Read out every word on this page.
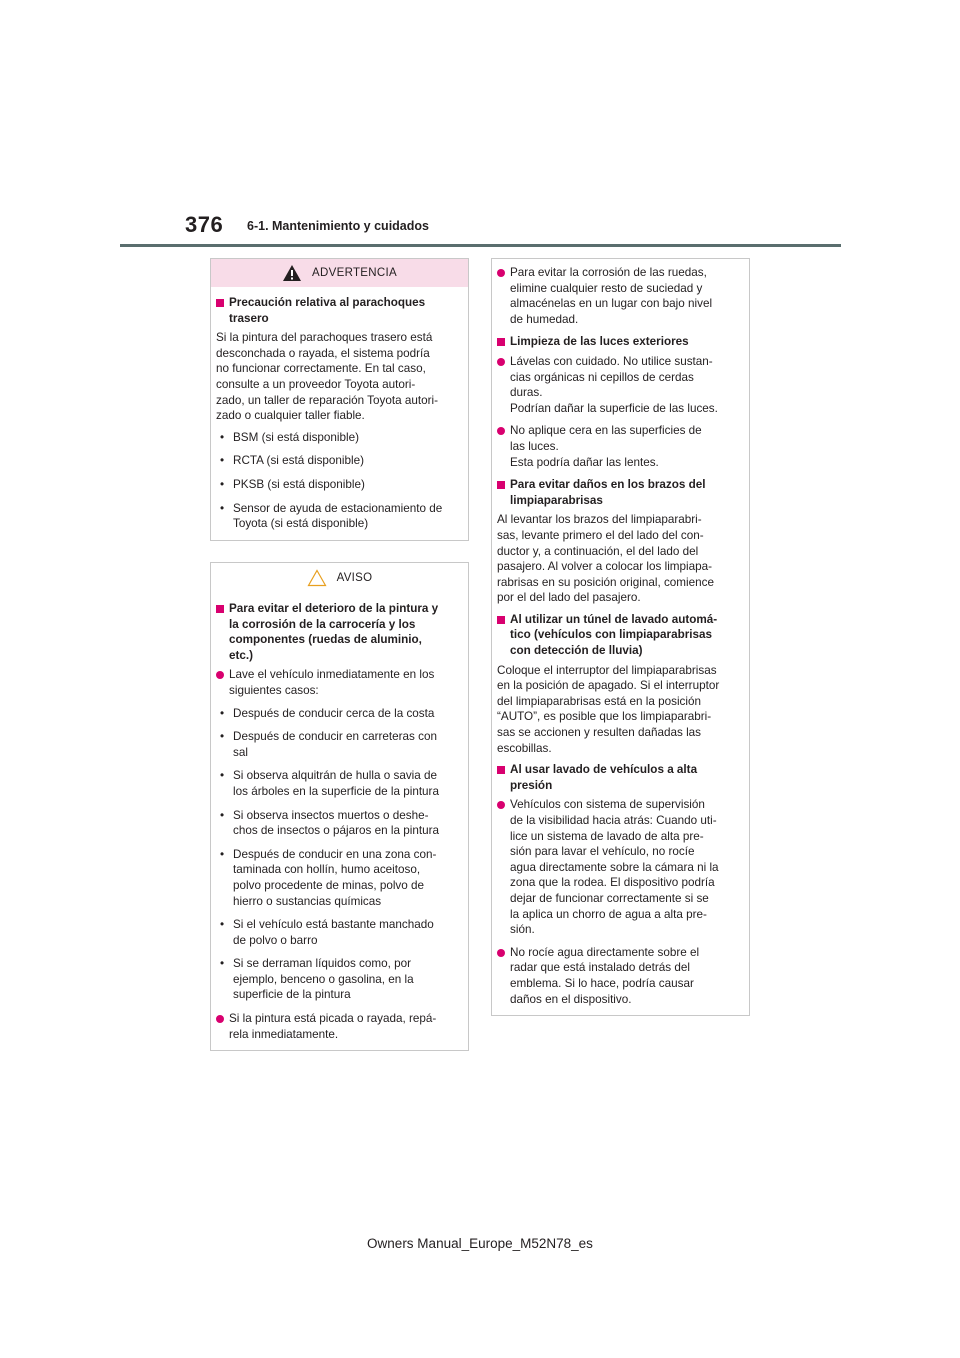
376 6-1. Mantenimiento y cuidados
ADVERTENCIA
Precaución relativa al parachoques
trasero
Si la pintura del parachoques trasero está
desconchada o rayada, el sistema podría
no funcionar correctamente. En tal caso,
consulte a un proveedor Toyota autori-
zado, un taller de reparación Toyota autori-
zado o cualquier taller fiable.
• BSM (si está disponible)
• RCTA (si está disponible)
• PKSB (si está disponible)
• Sensor de ayuda de estacionamiento de
Toyota (si está disponible)
AVISO
Para evitar el deterioro de la pintura y
la corrosión de la carrocería y los
componentes (ruedas de aluminio,
etc.)
Lave el vehículo inmediatamente en los
siguientes casos:
• Después de conducir cerca de la costa
• Después de conducir en carreteras con
sal
• Si observa alquitrán de hulla o savia de
los árboles en la superficie de la pintura
• Si observa insectos muertos o deshe-
chos de insectos o pájaros en la pintura
• Después de conducir en una zona con-
taminada con hollín, humo aceitoso,
polvo procedente de minas, polvo de
hierro o sustancias químicas
• Si el vehículo está bastante manchado
de polvo o barro
• Si se derraman líquidos como, por
ejemplo, benceno o gasolina, en la
superficie de la pintura
Si la pintura está picada o rayada, repá-
rela inmediatamente.
Para evitar la corrosión de las ruedas,
elimine cualquier resto de suciedad y
almacénelas en un lugar con bajo nivel
de humedad.
Limpieza de las luces exteriores
Lávelas con cuidado. No utilice sustan-
cias orgánicas ni cepillos de cerdas
duras.
Podrían dañar la superficie de las luces.
No aplique cera en las superficies de
las luces.
Esta podría dañar las lentes.
Para evitar daños en los brazos del
limpiaparabrisas
Al levantar los brazos del limpiaparabri-
sas, levante primero el del lado del con-
ductor y, a continuación, el del lado del
pasajero. Al volver a colocar los limpiapa-
rabrisas en su posición original, comience
por el del lado del pasajero.
Al utilizar un túnel de lavado automá-
tico (vehículos con limpiaparabrisas
con detección de lluvia)
Coloque el interruptor del limpiaparabrisas
en la posición de apagado. Si el interruptor
del limpiaparabrisas está en la posición
“AUTO”, es posible que los limpiaparabri-
sas se accionen y resulten dañadas las
escobillas.
Al usar lavado de vehículos a alta
presión
Vehículos con sistema de supervisión
de la visibilidad hacia atrás: Cuando uti-
lice un sistema de lavado de alta pre-
sión para lavar el vehículo, no rocíe
agua directamente sobre la cámara ni la
zona que la rodea. El dispositivo podría
dejar de funcionar correctamente si se
la aplica un chorro de agua a alta pre-
sión.
No rocíe agua directamente sobre el
radar que está instalado detrás del
emblema. Si lo hace, podría causar
daños en el dispositivo.
Owners Manual_Europe_M52N78_es
